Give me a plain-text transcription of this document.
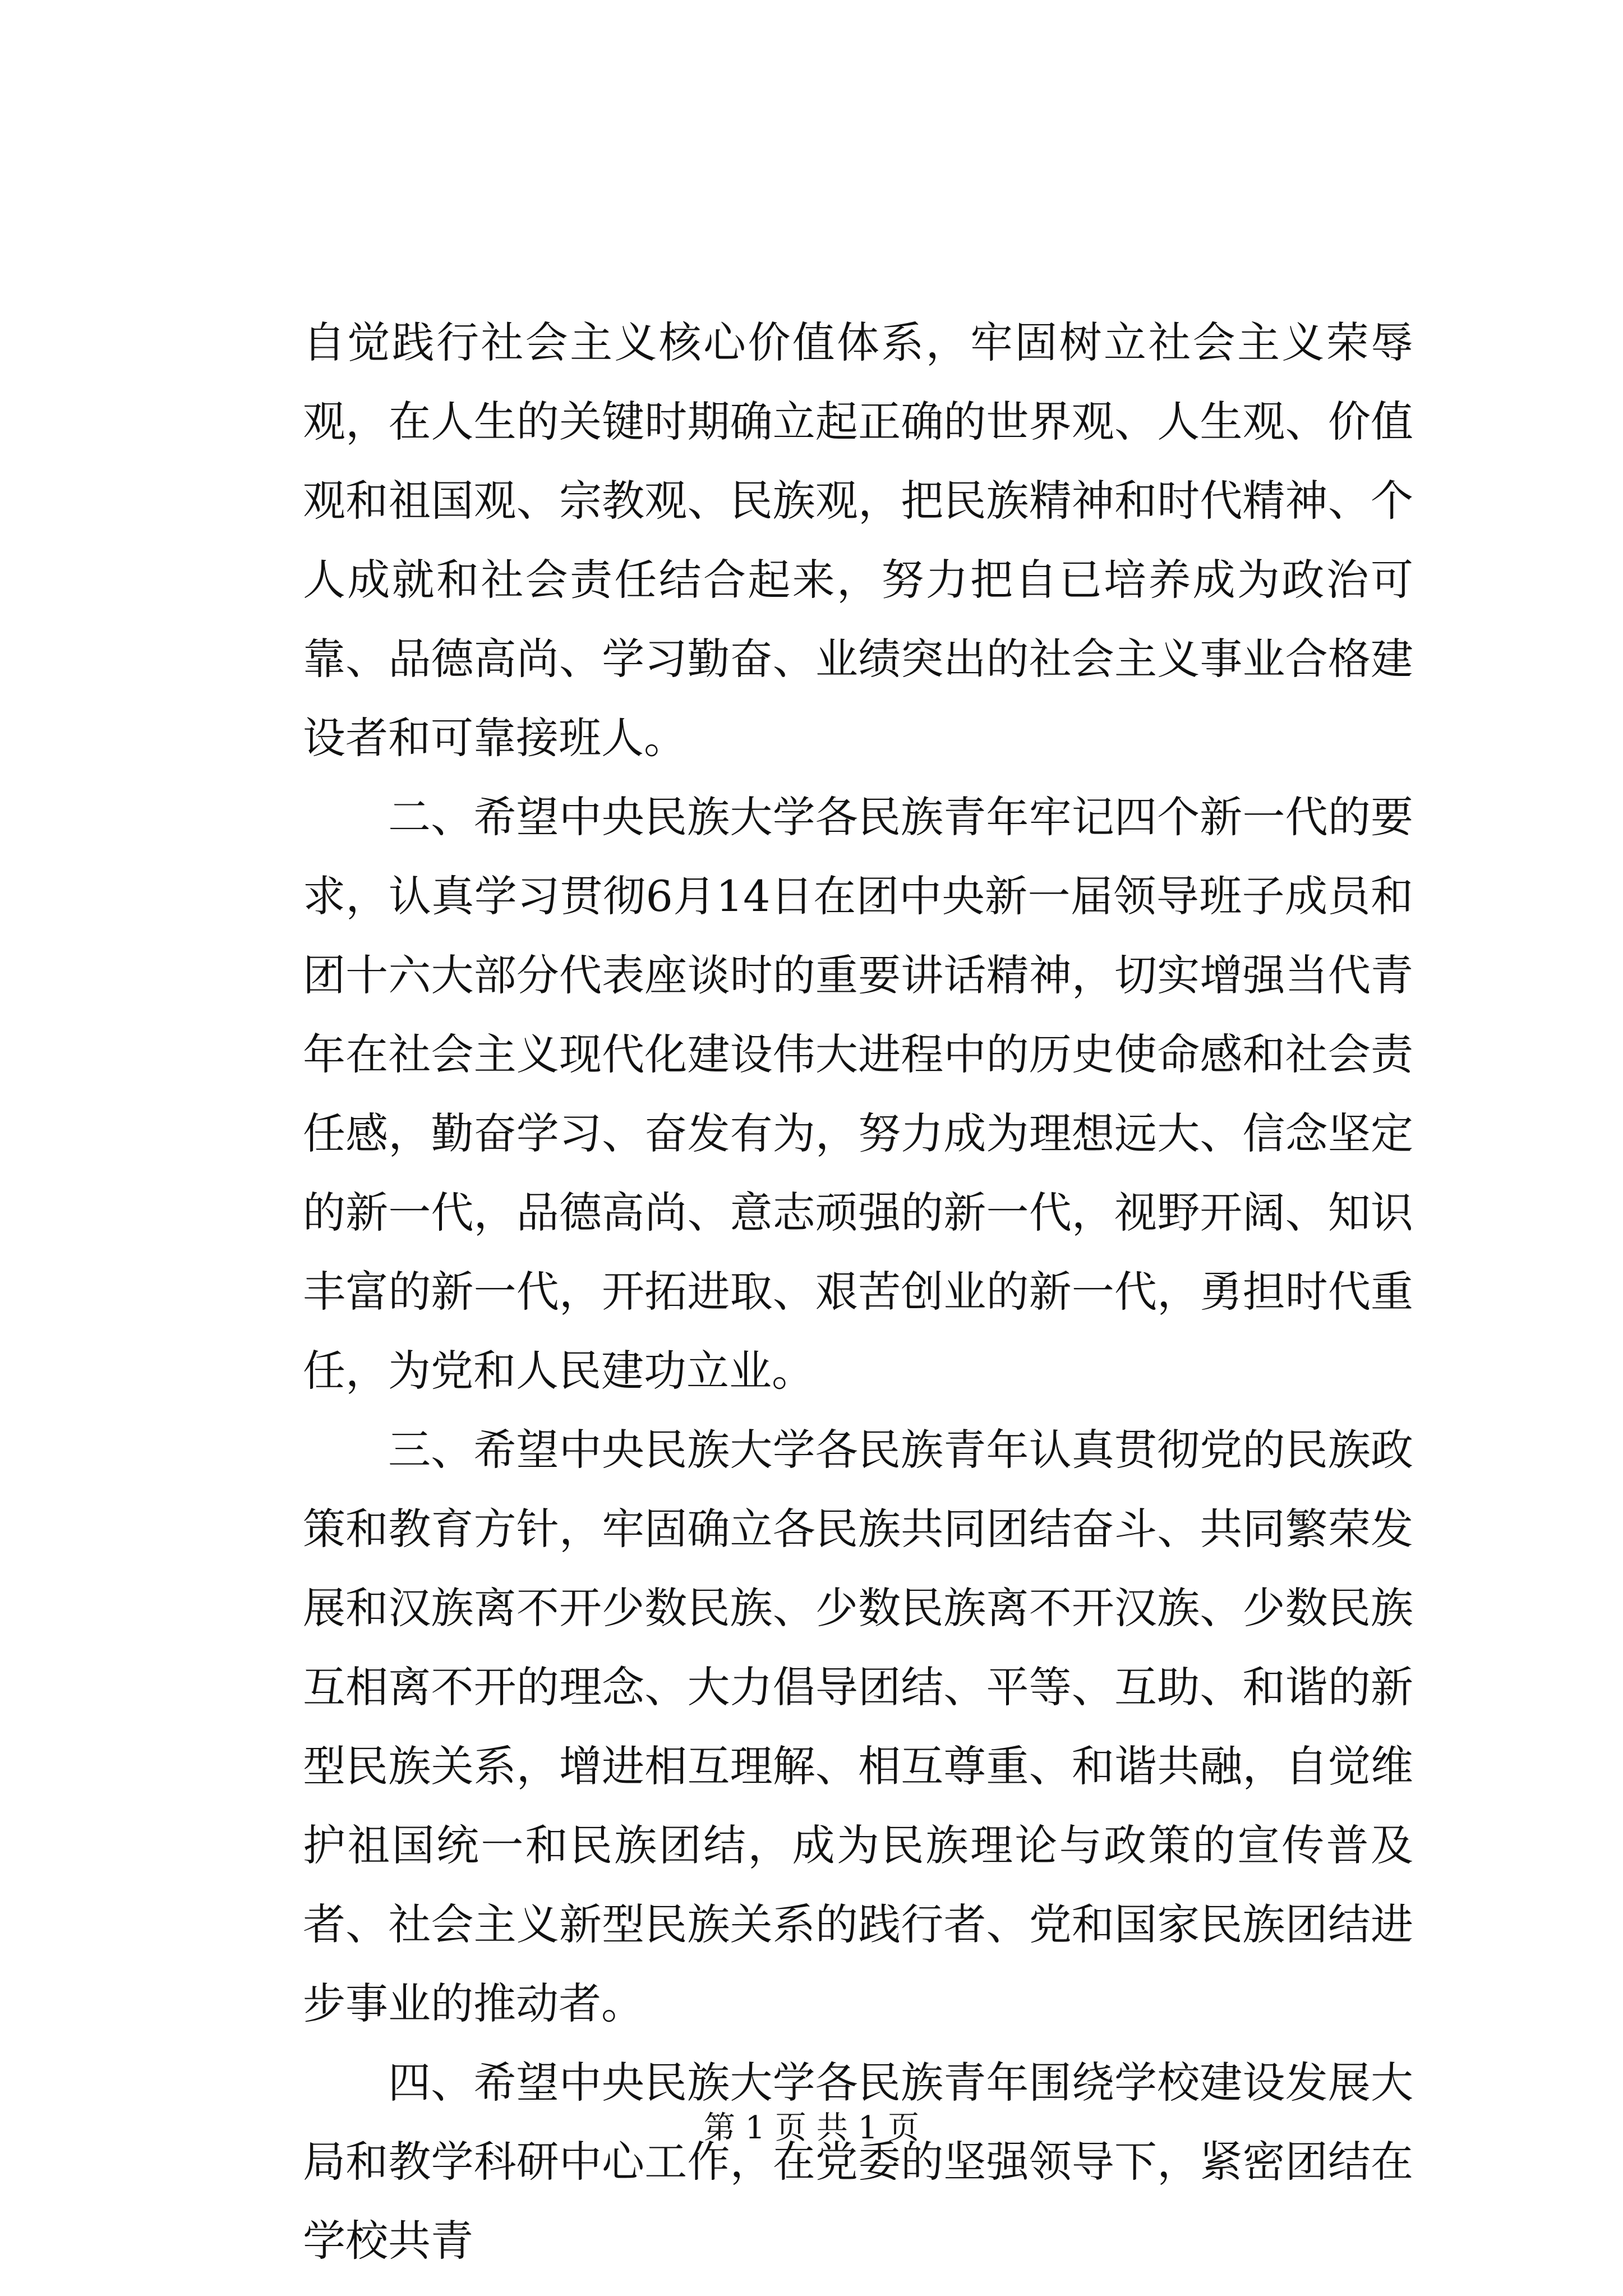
自觉践行社会主义核心价值体系，牢固树立社会主义荣辱观，在人生的关键时期确立起正确的世界观、人生观、价值观和祖国观、宗教观、民族观，把民族精神和时代精神、个人成就和社会责任结合起来，努力把自已培养成为政治可靠、品德高尚、学习勤奋、业绩突出的社会主义事业合格建设者和可靠接班人。

二、希望中央民族大学各民族青年牢记四个新一代的要求，认真学习贯彻6月14日在团中央新一届领导班子成员和团十六大部分代表座谈时的重要讲话精神，切实增强当代青年在社会主义现代化建设伟大进程中的历史使命感和社会责任感，勤奋学习、奋发有为，努力成为理想远大、信念坚定的新一代，品德高尚、意志顽强的新一代，视野开阔、知识丰富的新一代，开拓进取、艰苦创业的新一代，勇担时代重任，为党和人民建功立业。

三、希望中央民族大学各民族青年认真贯彻党的民族政策和教育方针，牢固确立各民族共同团结奋斗、共同繁荣发展和汉族离不开少数民族、少数民族离不开汉族、少数民族互相离不开的理念、大力倡导团结、平等、互助、和谐的新型民族关系，增进相互理解、相互尊重、和谐共融，自觉维护祖国统一和民族团结，成为民族理论与政策的宣传普及者、社会主义新型民族关系的践行者、党和国家民族团结进步事业的推动者。

四、希望中央民族大学各民族青年围绕学校建设发展大局和教学科研中心工作，在党委的坚强领导下，紧密团结在学校共青

第 1 页 共 1 页
